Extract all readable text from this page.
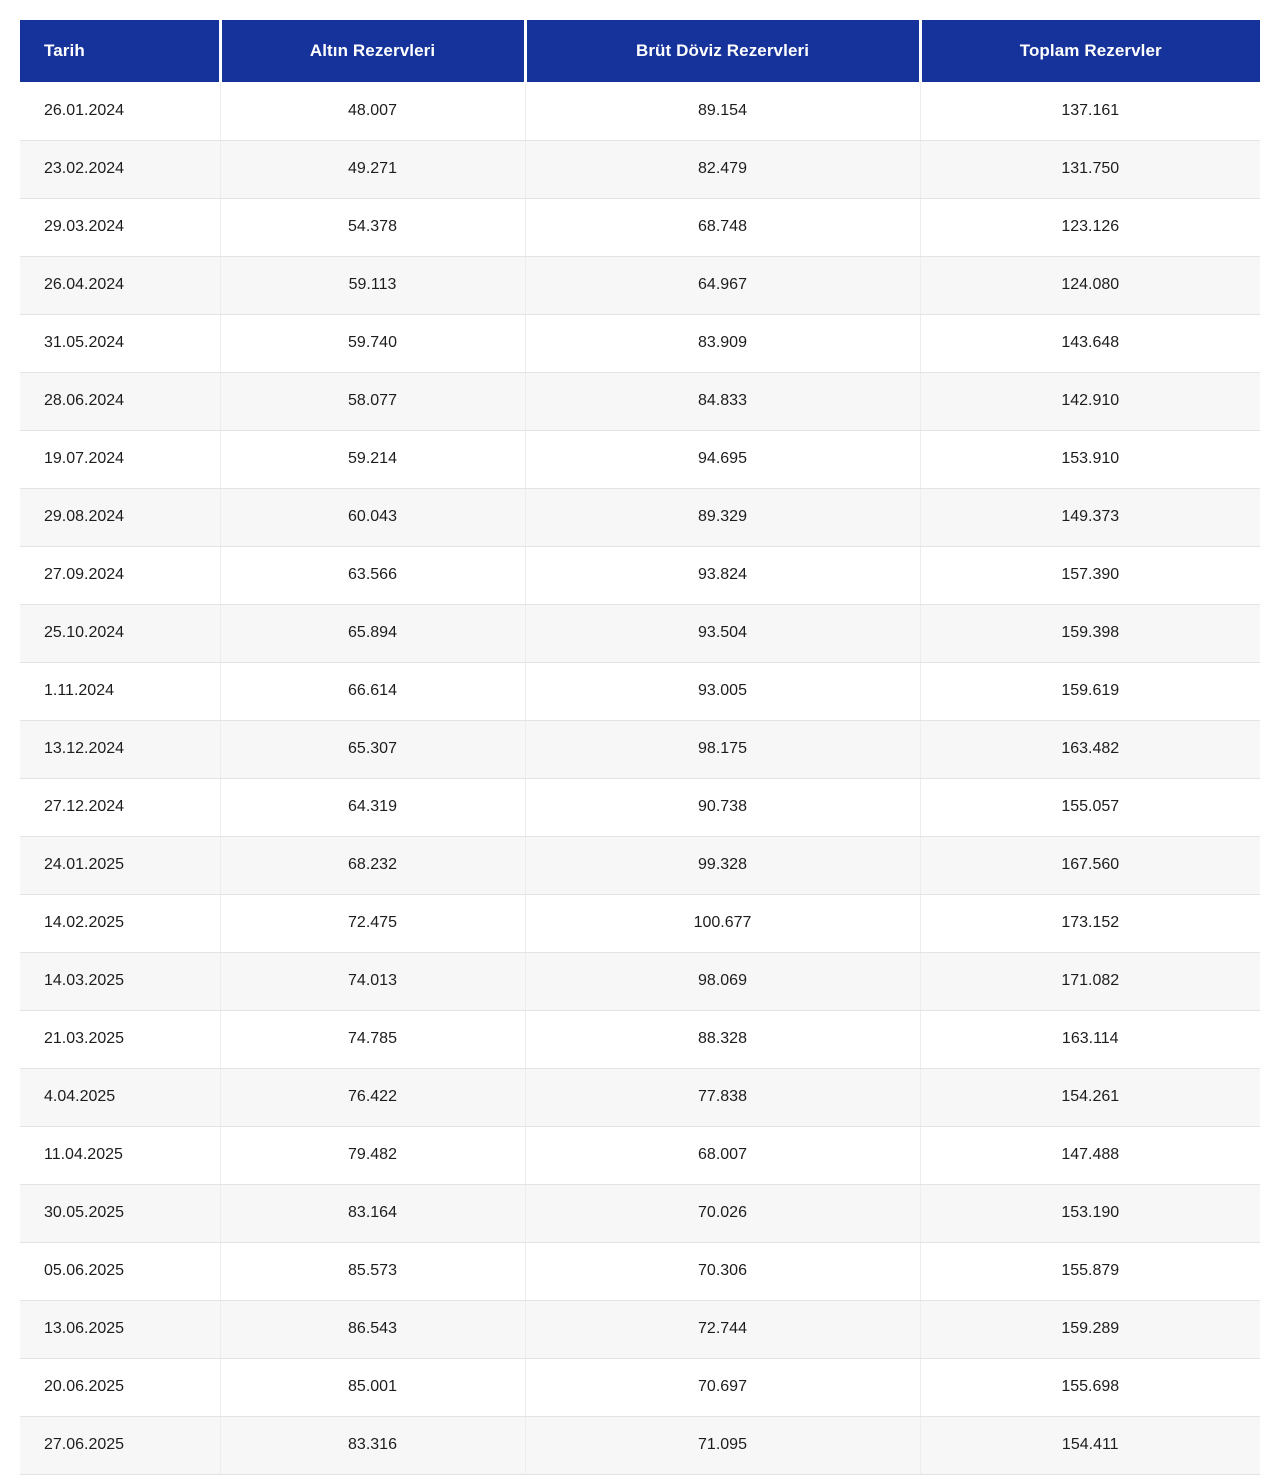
Tarih	Altın Rezervleri	Brüt Döviz Rezervleri	Toplam Rezervler
26.01.2024	48.007	89.154	137.161
23.02.2024	49.271	82.479	131.750
29.03.2024	54.378	68.748	123.126
26.04.2024	59.113	64.967	124.080
31.05.2024	59.740	83.909	143.648
28.06.2024	58.077	84.833	142.910
19.07.2024	59.214	94.695	153.910
29.08.2024	60.043	89.329	149.373
27.09.2024	63.566	93.824	157.390
25.10.2024	65.894	93.504	159.398
1.11.2024	66.614	93.005	159.619
13.12.2024	65.307	98.175	163.482
27.12.2024	64.319	90.738	155.057
24.01.2025	68.232	99.328	167.560
14.02.2025	72.475	100.677	173.152
14.03.2025	74.013	98.069	171.082
21.03.2025	74.785	88.328	163.114
4.04.2025	76.422	77.838	154.261
11.04.2025	79.482	68.007	147.488
30.05.2025	83.164	70.026	153.190
05.06.2025	85.573	70.306	155.879
13.06.2025	86.543	72.744	159.289
20.06.2025	85.001	70.697	155.698
27.06.2025	83.316	71.095	154.411
